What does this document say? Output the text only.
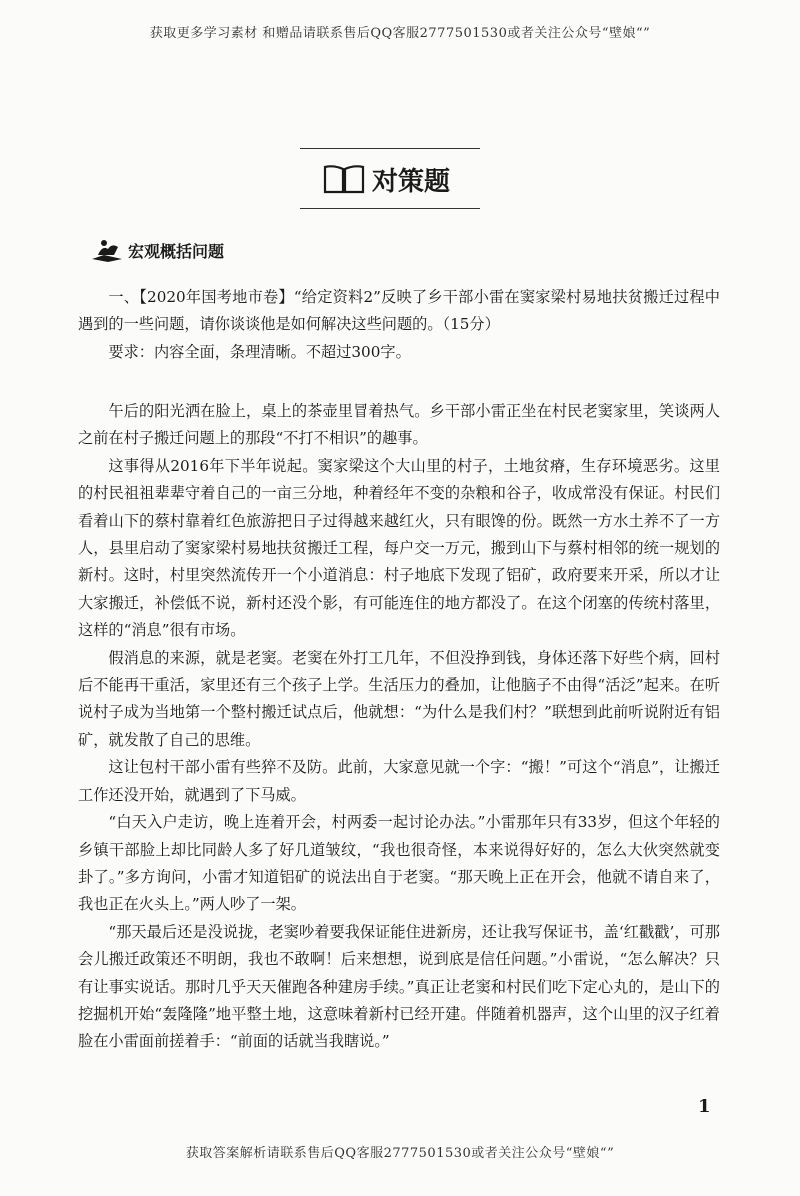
获取更多学习素材 和赠品请联系售后QQ客服2777501530或者关注公众号“壁娘“”
对策题
宏观概括问题

一、【2020年国考地市卷】“给定资料2”反映了乡干部小雷在窦家梁村易地扶贫搬迁过程中遇到的一些问题，请你谈谈他是如何解决这些问题的。（15分）

要求：内容全面，条理清晰。不超过300字。

午后的阳光洒在脸上，桌上的茶壶里冒着热气。乡干部小雷正坐在村民老窦家里，笑谈两人之前在村子搬迁问题上的那段“不打不相识”的趣事。

这事得从2016年下半年说起。窦家梁这个大山里的村子，土地贫瘠，生存环境恶劣。这里的村民祖祖辈辈守着自己的一亩三分地，种着经年不变的杂粮和谷子，收成常没有保证。村民们看着山下的蔡村靠着红色旅游把日子过得越来越红火，只有眼馋的份。既然一方水土养不了一方人，县里启动了窦家梁村易地扶贫搬迁工程，每户交一万元，搬到山下与蔡村相邻的统一规划的新村。这时，村里突然流传开一个小道消息：村子地底下发现了铝矿，政府要来开采，所以才让大家搬迁，补偿低不说，新村还没个影，有可能连住的地方都没了。在这个闭塞的传统村落里，这样的“消息”很有市场。

假消息的来源，就是老窦。老窦在外打工几年，不但没挣到钱，身体还落下好些个病，回村后不能再干重活，家里还有三个孩子上学。生活压力的叠加，让他脑子不由得“活泛”起来。在听说村子成为当地第一个整村搬迁试点后，他就想：“为什么是我们村？”联想到此前听说附近有铝矿，就发散了自己的思维。

这让包村干部小雷有些猝不及防。此前，大家意见就一个字：“搬！”可这个“消息”，让搬迁工作还没开始，就遇到了下马威。

“白天入户走访，晚上连着开会，村两委一起讨论办法。”小雷那年只有33岁，但这个年轻的乡镇干部脸上却比同龄人多了好几道皱纹，“我也很奇怪，本来说得好好的，怎么大伙突然就变卦了。”多方询问，小雷才知道铝矿的说法出自于老窦。“那天晚上正在开会，他就不请自来了，我也正在火头上。”两人吵了一架。

“那天最后还是没说拢，老窦吵着要我保证能住进新房，还让我写保证书，盖‘红戳戳’，可那会儿搬迁政策还不明朗，我也不敢啊！后来想想，说到底是信任问题。”小雷说，“怎么解决？只有让事实说话。那时几乎天天催跑各种建房手续。”真正让老窦和村民们吃下定心丸的，是山下的挖掘机开始“轰隆隆”地平整土地，这意味着新村已经开建。伴随着机器声，这个山里的汉子红着脸在小雷面前搓着手：“前面的话就当我瞎说。”

1
获取答案解析请联系售后QQ客服2777501530或者关注公众号“壁娘“”
